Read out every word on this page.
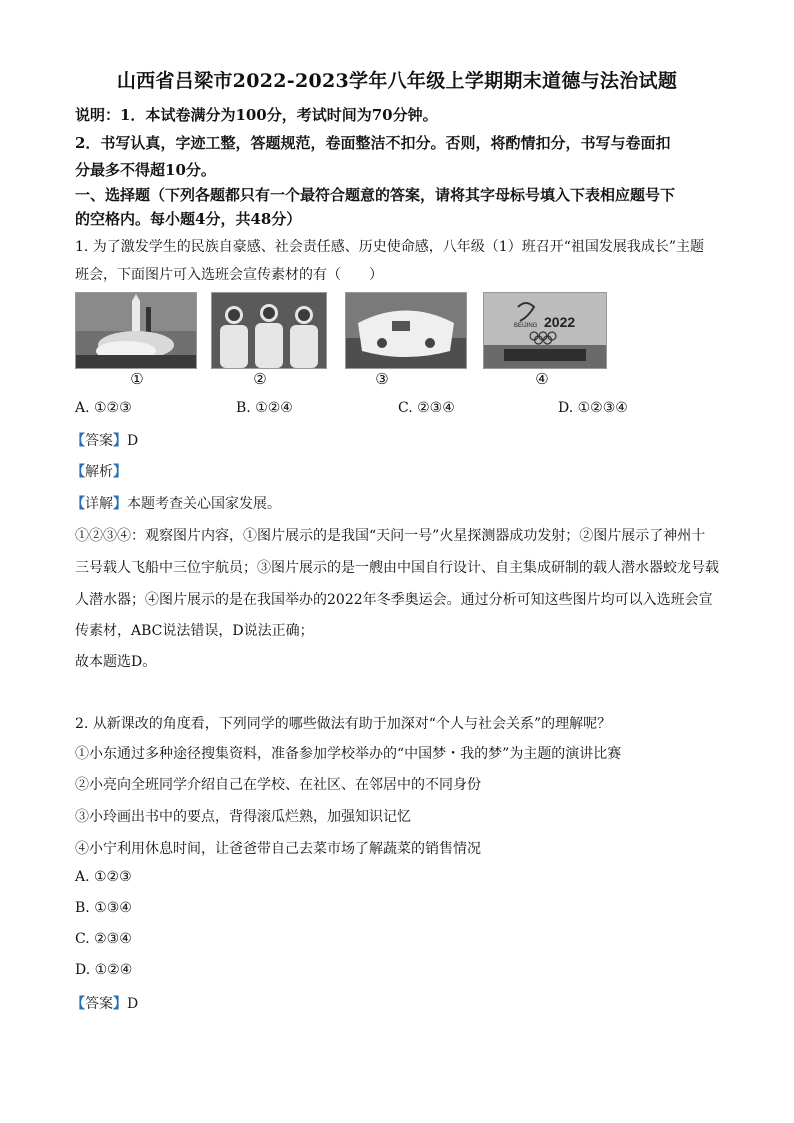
山西省吕梁市2022-2023学年八年级上学期期末道德与法治试题
说明：1．本试卷满分为100分，考试时间为70分钟。
2．书写认真，字迹工整，答题规范，卷面整洁不扣分。否则，将酌情扣分，书写与卷面扣
分最多不得超10分。
一、选择题（下列各题都只有一个最符合题意的答案，请将其字母标号填入下表相应题号下
的空格内。每小题4分，共48分）
1. 为了激发学生的民族自豪感、社会责任感、历史使命感，八年级（1）班召开“祖国发展我成长”主题
班会，下面图片可入选班会宣传素材的有（　　）
①	②	③
BEIJING 2022
④
A. ①②③	B. ①②④	C. ②③④	D. ①②③④
【答案】D
【解析】
【详解】本题考查关心国家发展。
①②③④：观察图片内容，①图片展示的是我国“天问一号”火星探测器成功发射；②图片展示了神州十
三号载人飞船中三位宇航员；③图片展示的是一艘由中国自行设计、自主集成研制的载人潜水器蛟龙号载
人潜水器；④图片展示的是在我国举办的2022年冬季奥运会。通过分析可知这些图片均可以入选班会宣
传素材，ABC说法错误，D说法正确；
故本题选D。
2. 从新课改的角度看，下列同学的哪些做法有助于加深对“个人与社会关系”的理解呢？
①小东通过多种途径搜集资料，准备参加学校举办的“中国梦・我的梦”为主题的演讲比赛
②小亮向全班同学介绍自己在学校、在社区、在邻居中的不同身份
③小玲画出书中的要点，背得滚瓜烂熟，加强知识记忆
④小宁利用休息时间，让爸爸带自己去菜市场了解蔬菜的销售情况
A. ①②③
B. ①③④
C. ②③④
D. ①②④
【答案】D
